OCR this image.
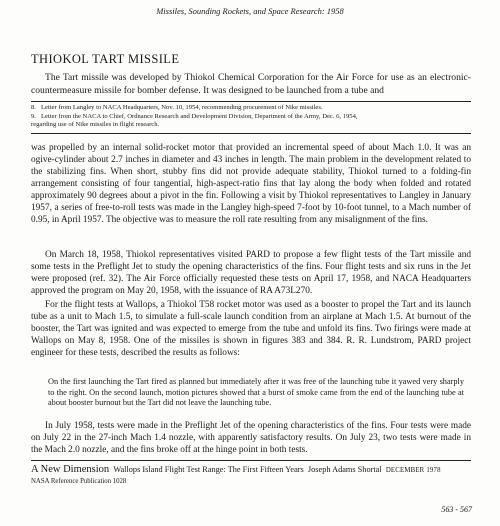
Missiles, Sounding Rockets, and Space Research: 1958
THIOKOL TART MISSILE
The Tart missile was developed by Thiokol Chemical Corporation for the Air Force for use as an electronic-countermeasure missile for bomber defense. It was designed to be launched from a tube and
8. Letter from Langley to NACA Headquarters, Nov. 10, 1954, recommending procurement of Nike missiles.
9. Letter from the NACA to Chief, Ordnance Research and Development Division, Department of the Army, Dec. 6, 1954,
regarding use of Nike missiles in flight research.
was propelled by an internal solid-rocket motor that provided an incremental speed of about Mach 1.0. It was an ogive-cylinder about 2.7 inches in diameter and 43 inches in length. The main problem in the development related to the stabilizing fins. When short, stubby fins did not provide adequate stability, Thiokol turned to a folding-fin arrangement consisting of four tangential, high-aspect-ratio fins that lay along the body when folded and rotated approximately 90 degrees about a pivot in the fin. Following a visit by Thiokol representatives to Langley in January 1957, a series of free-to-roll tests was made in the Langley high-speed 7-foot by 10-foot tunnel, to a Mach number of 0.95, in April 1957. The objective was to measure the roll rate resulting from any misalignment of the fins.
On March 18, 1958, Thiokol representatives visited PARD to propose a few flight tests of the Tart missile and some tests in the Preflight Jet to study the opening characteristics of the fins. Four flight tests and six runs in the Jet were proposed (ref. 32). The Air Force officially requested these tests on April 17, 1958, and NACA Headquarters approved the program on May 20, 1958, with the issuance of RA A73L270.
For the flight tests at Wallops, a Thiokol T58 rocket motor was used as a booster to propel the Tart and its launch tube as a unit to Mach 1.5, to simulate a full-scale launch condition from an airplane at Mach 1.5. At burnout of the booster, the Tart was ignited and was expected to emerge from the tube and unfold its fins. Two firings were made at Wallops on May 8, 1958. One of the missiles is shown in figures 383 and 384. R. R. Lundstrom, PARD project engineer for these tests, described the results as follows:
On the first launching the Tart fired as planned but immediately after it was free of the launching tube it yawed very sharply to the right. On the second launch, motion pictures showed that a burst of smoke came from the end of the launching tube at about booster burnout but the Tart did not leave the launching tube.
In July 1958, tests were made in the Preflight Jet of the opening characteristics of the fins. Four tests were made on July 22 in the 27-inch Mach 1.4 nozzle, with apparently satisfactory results. On July 23, two tests were made in the Mach 2.0 nozzle, and the fins broke off at the hinge point in both tests.
A New Dimension Wallops Island Flight Test Range: The First Fifteen Years Joseph Adams Shortal DECEMBER 1978
NASA Reference Publication 1028
563 - 567
